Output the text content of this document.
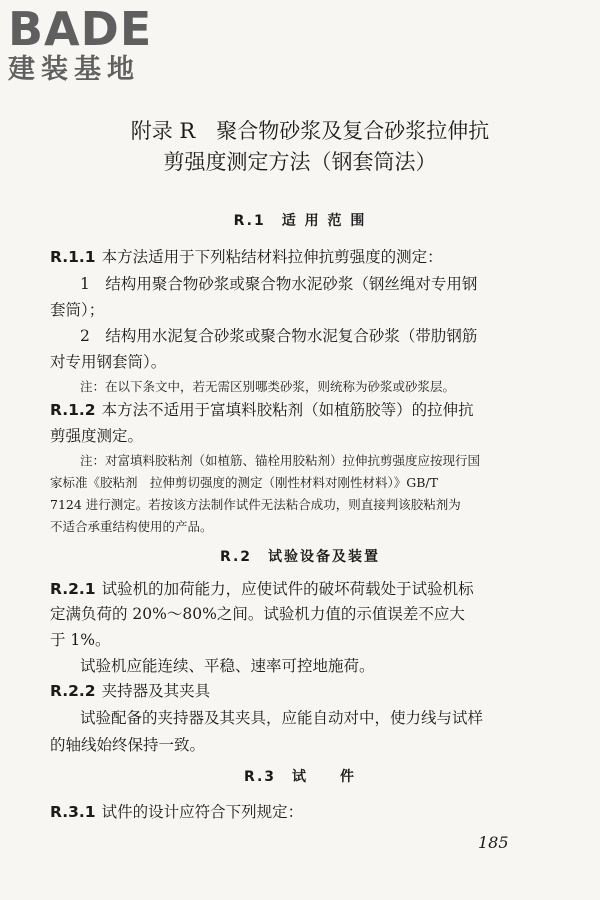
BADE
建装基地
附录 R　聚合物砂浆及复合砂浆拉伸抗
剪强度测定方法（钢套筒法）
R.1　适 用 范 围
R.1.1 本方法适用于下列粘结材料拉伸抗剪强度的测定：
1　结构用聚合物砂浆或聚合物水泥砂浆（钢丝绳对专用钢
套筒）；
2　结构用水泥复合砂浆或聚合物水泥复合砂浆（带肋钢筋
对专用钢套筒）。
注：在以下条文中，若无需区别哪类砂浆，则统称为砂浆或砂浆层。
R.1.2 本方法不适用于富填料胶粘剂（如植筋胶等）的拉伸抗
剪强度测定。
注：对富填料胶粘剂（如植筋、锚栓用胶粘剂）拉伸抗剪强度应按现行国
家标准《胶粘剂　拉伸剪切强度的测定（刚性材料对刚性材料）》GB/T
7124 进行测定。若按该方法制作试件无法粘合成功，则直接判该胶粘剂为
不适合承重结构使用的产品。
R.2　试验设备及装置
R.2.1 试验机的加荷能力，应使试件的破坏荷载处于试验机标
定满负荷的 20%～80%之间。试验机力值的示值误差不应大
于 1%。
试验机应能连续、平稳、速率可控地施荷。
R.2.2 夹持器及其夹具
试验配备的夹持器及其夹具，应能自动对中，使力线与试样
的轴线始终保持一致。
R.3　试　　件
R.3.1 试件的设计应符合下列规定：
185
